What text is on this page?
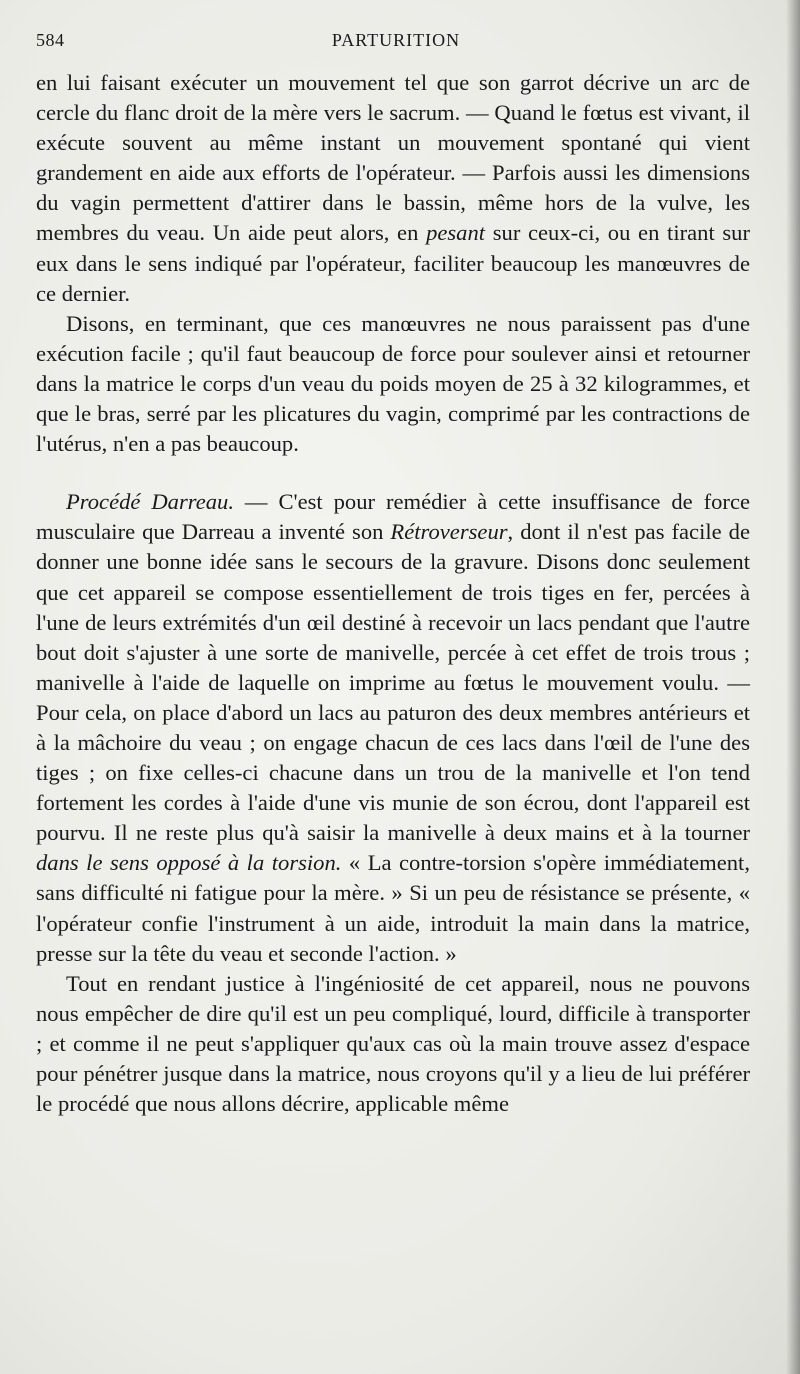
584	PARTURITION

en lui faisant exécuter un mouvement tel que son garrot décrive un arc de cercle du flanc droit de la mère vers le sacrum. — Quand le fœtus est vivant, il exécute souvent au même instant un mouvement spontané qui vient grandement en aide aux efforts de l'opérateur. — Parfois aussi les dimensions du vagin permettent d'attirer dans le bassin, même hors de la vulve, les membres du veau. Un aide peut alors, en pesant sur ceux-ci, ou en tirant sur eux dans le sens indiqué par l'opérateur, faciliter beaucoup les manœuvres de ce dernier.

Disons, en terminant, que ces manœuvres ne nous paraissent pas d'une exécution facile ; qu'il faut beaucoup de force pour soulever ainsi et retourner dans la matrice le corps d'un veau du poids moyen de 25 à 32 kilogrammes, et que le bras, serré par les plicatures du vagin, comprimé par les contractions de l'utérus, n'en a pas beaucoup.

Procédé Darreau. — C'est pour remédier à cette insuffisance de force musculaire que Darreau a inventé son Rétroverseur, dont il n'est pas facile de donner une bonne idée sans le secours de la gravure. Disons donc seulement que cet appareil se compose essentiellement de trois tiges en fer, percées à l'une de leurs extrémités d'un œil destiné à recevoir un lacs pendant que l'autre bout doit s'ajuster à une sorte de manivelle, percée à cet effet de trois trous ; manivelle à l'aide de laquelle on imprime au fœtus le mouvement voulu. — Pour cela, on place d'abord un lacs au paturon des deux membres antérieurs et à la mâchoire du veau ; on engage chacun de ces lacs dans l'œil de l'une des tiges ; on fixe celles-ci chacune dans un trou de la manivelle et l'on tend fortement les cordes à l'aide d'une vis munie de son écrou, dont l'appareil est pourvu. Il ne reste plus qu'à saisir la manivelle à deux mains et à la tourner dans le sens opposé à la torsion. « La contre-torsion s'opère immédiatement, sans difficulté ni fatigue pour la mère. » Si un peu de résistance se présente, « l'opérateur confie l'instrument à un aide, introduit la main dans la matrice, presse sur la tête du veau et seconde l'action. »

Tout en rendant justice à l'ingéniosité de cet appareil, nous ne pouvons nous empêcher de dire qu'il est un peu compliqué, lourd, difficile à transporter ; et comme il ne peut s'appliquer qu'aux cas où la main trouve assez d'espace pour pénétrer jusque dans la matrice, nous croyons qu'il y a lieu de lui préférer le procédé que nous allons décrire, applicable même
